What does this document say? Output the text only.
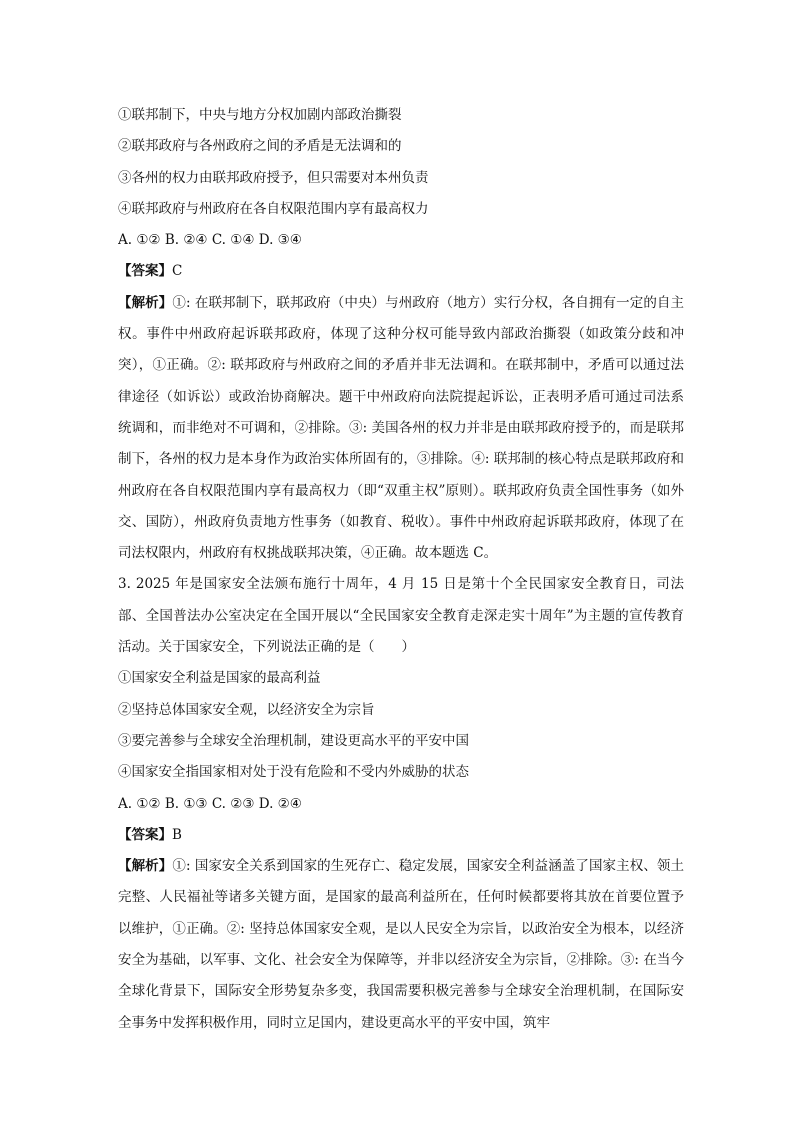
①联邦制下，中央与地方分权加剧内部政治撕裂
②联邦政府与各州政府之间的矛盾是无法调和的
③各州的权力由联邦政府授予，但只需要对本州负责
④联邦政府与州政府在各自权限范围内享有最高权力
A. ①② B. ②④ C. ①④ D. ③④
【答案】C
【解析】①: 在联邦制下，联邦政府（中央）与州政府（地方）实行分权，各自拥有一定的自主权。事件中州政府起诉联邦政府，体现了这种分权可能导致内部政治撕裂（如政策分歧和冲突），①正确。②: 联邦政府与州政府之间的矛盾并非无法调和。在联邦制中，矛盾可以通过法律途径（如诉讼）或政治协商解决。题干中州政府向法院提起诉讼，正表明矛盾可通过司法系统调和，而非绝对不可调和，②排除。③: 美国各州的权力并非是由联邦政府授予的，而是联邦制下，各州的权力是本身作为政治实体所固有的，③排除。④: 联邦制的核心特点是联邦政府和州政府在各自权限范围内享有最高权力（即“双重主权”原则）。联邦政府负责全国性事务（如外交、国防），州政府负责地方性事务（如教育、税收）。事件中州政府起诉联邦政府，体现了在司法权限内，州政府有权挑战联邦决策，④正确。故本题选 C。
3. 2025 年是国家安全法颁布施行十周年，4 月 15 日是第十个全民国家安全教育日，司法部、全国普法办公室决定在全国开展以“全民国家安全教育走深走实十周年”为主题的宣传教育活动。关于国家安全，下列说法正确的是（　　）
①国家安全利益是国家的最高利益
②坚持总体国家安全观，以经济安全为宗旨
③要完善参与全球安全治理机制，建设更高水平的平安中国
④国家安全指国家相对处于没有危险和不受内外威胁的状态
A. ①② B. ①③ C. ②③ D. ②④
【答案】B
【解析】①: 国家安全关系到国家的生死存亡、稳定发展，国家安全利益涵盖了国家主权、领土完整、人民福祉等诸多关键方面，是国家的最高利益所在，任何时候都要将其放在首要位置予以维护，①正确。②: 坚持总体国家安全观，是以人民安全为宗旨，以政治安全为根本，以经济安全为基础，以军事、文化、社会安全为保障等，并非以经济安全为宗旨，②排除。③: 在当今全球化背景下，国际安全形势复杂多变，我国需要积极完善参与全球安全治理机制，在国际安全事务中发挥积极作用，同时立足国内，建设更高水平的平安中国，筑牢
